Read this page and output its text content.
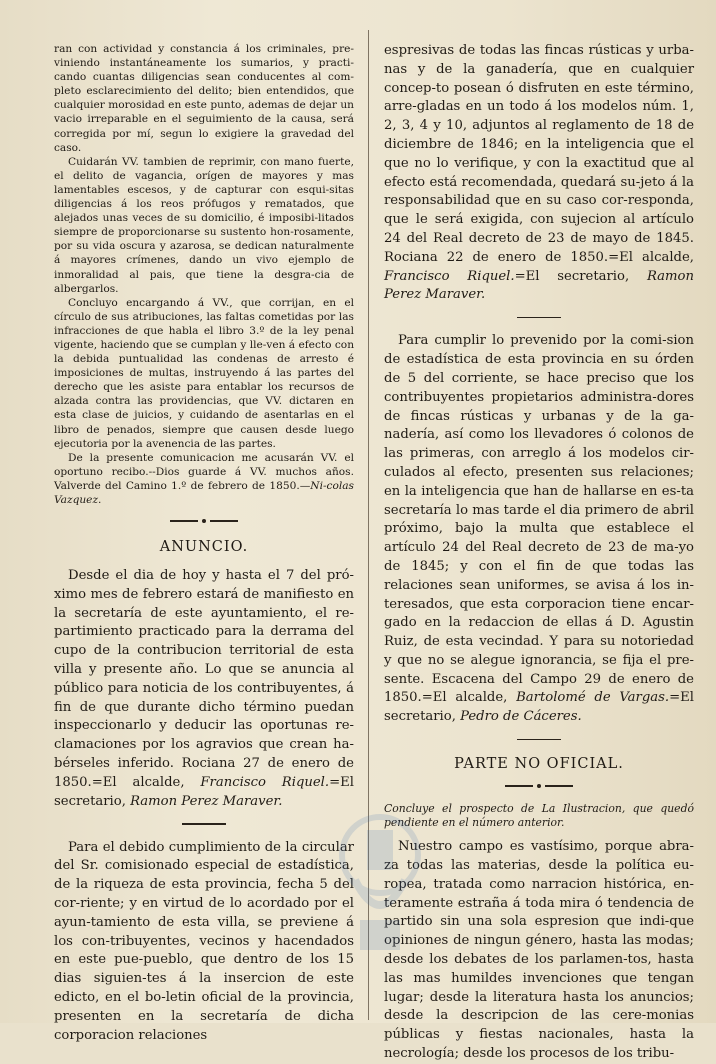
ran con actividad y constancia á los criminales, pre-viniendo instantáneamente los sumarios, y practi-cando cuantas diligencias sean conducentes al com-pleto esclarecimiento del delito; bien entendidos, que cualquier morosidad en este punto, ademas de dejar un vacio irreparable en el seguimiento de la causa, será corregida por mí, segun lo exigiere la gravedad del caso.

Cuidarán VV. tambien de reprimir, con mano fuerte, el delito de vagancia, orígen de mayores y mas lamentables escesos, y de capturar con esqui-sitas diligencias á los reos prófugos y rematados, que alejados unas veces de su domicilio, é imposibi-litados siempre de proporcionarse su sustento hon-rosamente, por su vida oscura y azarosa, se dedican naturalmente á mayores crímenes, dando un vivo ejemplo de inmoralidad al pais, que tiene la desgra-cia de albergarlos.

Concluyo encargando á VV., que corrijan, en el círculo de sus atribuciones, las faltas cometidas por las infracciones de que habla el libro 3.º de la ley penal vigente, haciendo que se cumplan y lle-ven á efecto con la debida puntualidad las condenas de arresto é imposiciones de multas, instruyendo á las partes del derecho que les asiste para entablar los recursos de alzada contra las providencias, que VV. dictaren en esta clase de juicios, y cuidando de asentarlas en el libro de penados, siempre que causen desde luego ejecutoria por la avenencia de las partes.

De la presente comunicacion me acusarán VV. el oportuno recibo.--Dios guarde á VV. muchos años. Valverde del Camino 1.º de febrero de 1850.—Ni-colas Vazquez.

ANUNCIO.

Desde el dia de hoy y hasta el 7 del pró-ximo mes de febrero estará de manifiesto en la secretaría de este ayuntamiento, el re-partimiento practicado para la derrama del cupo de la contribucion territorial de esta villa y presente año. Lo que se anuncia al público para noticia de los contribuyentes, á fin de que durante dicho término puedan inspeccionarlo y deducir las oportunas re-clamaciones por los agravios que crean ha-bérseles inferido. Rociana 27 de enero de 1850.=El alcalde, Francisco Riquel.=El secretario, Ramon Perez Maraver.

Para el debido cumplimiento de la circular del Sr. comisionado especial de estadística, de la riqueza de esta provincia, fecha 5 del cor-riente; y en virtud de lo acordado por el ayun-tamiento de esta villa, se previene á los con-tribuyentes, vecinos y hacendados en este pue-pueblo, que dentro de los 15 dias siguien-tes á la insercion de este edicto, en el bo-letin oficial de la provincia, presenten en la secretaría de dicha corporacion relaciones

espresivas de todas las fincas rústicas y urba-nas y de la ganadería, que en cualquier concep-to posean ó disfruten en este término, arre-gladas en un todo á los modelos núm. 1, 2, 3, 4 y 10, adjuntos al reglamento de 18 de diciembre de 1846; en la inteligencia que el que no lo verifique, y con la exactitud que al efecto está recomendada, quedará su-jeto á la responsabilidad que en su caso cor-responda, que le será exigida, con sujecion al artículo 24 del Real decreto de 23 de mayo de 1845. Rociana 22 de enero de 1850.=El alcalde, Francisco Riquel.=El secretario, Ramon Perez Maraver.

Para cumplir lo prevenido por la comi-sion de estadística de esta provincia en su órden de 5 del corriente, se hace preciso que los contribuyentes propietarios administra-dores de fincas rústicas y urbanas y de la ga-nadería, así como los llevadores ó colonos de las primeras, con arreglo á los modelos cir-culados al efecto, presenten sus relaciones; en la inteligencia que han de hallarse en es-ta secretaría lo mas tarde el dia primero de abril próximo, bajo la multa que establece el artículo 24 del Real decreto de 23 de ma-yo de 1845; y con el fin de que todas las relaciones sean uniformes, se avisa á los in-teresados, que esta corporacion tiene encar-gado en la redaccion de ellas á D. Agustin Ruiz, de esta vecindad. Y para su notoriedad y que no se alegue ignorancia, se fija el pre-sente. Escacena del Campo 29 de enero de 1850.=El alcalde, Bartolomé de Vargas.=El secretario, Pedro de Cáceres.

PARTE NO OFICIAL.

Concluye el prospecto de La Ilustracion, que quedó pendiente en el número anterior.

Nuestro campo es vastísimo, porque abra-za todas las materias, desde la política eu-ropea, tratada como narracion histórica, en-teramente estraña á toda mira ó tendencia de partido sin una sola espresion que indi-que opiniones de ningun género, hasta las modas; desde los debates de los parlamen-tos, hasta las mas humildes invenciones que tengan lugar; desde la literatura hasta los anuncios; desde la descripcion de las cere-monias públicas y fiestas nacionales, hasta la necrología; desde los procesos de los tribu-
